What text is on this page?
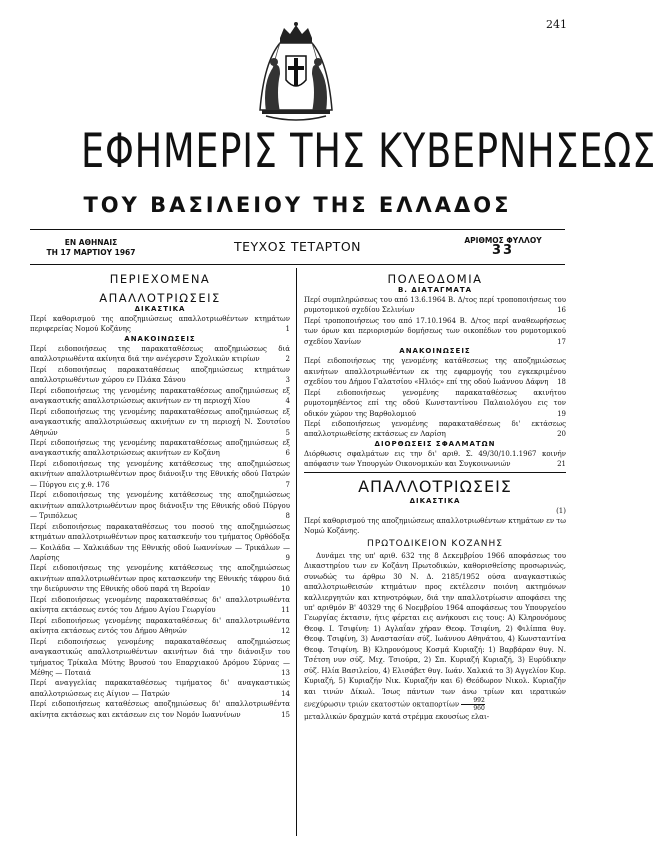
241
ΕΦΗΜΕΡΙΣ ΤΗΣ ΚΥΒΕΡΝΗΣΕΩΣ
ΤΟΥ ΒΑΣΙΛΕΙΟΥ ΤΗΣ ΕΛΛΑΔΟΣ
ΕΝ ΑΘΗΝΑΙΣ
ΤΗ 17 ΜΑΡΤΙΟΥ 1967	ΤΕΥΧΟΣ ΤΕΤΑΡΤΟΝ	ΑΡΙΘΜΟΣ ΦΥΛΛΟΥ
33
ΠΕΡΙΕΧΟΜΕΝΑ
ΑΠΑΛΛΟΤΡΙΩΣΕΙΣ
ΔΙΚΑΣΤΙΚΑ

Περί καθορισμού της αποζημιώσεως απαλλοτριωθέντων κτημάτων περιφερείας Νομού Κοζάνης	1

ΑΝΑΚΟΙΝΩΣΕΙΣ

Περί ειδοποιήσεως της παρακαταθέσεως αποζημιώσεως διά απαλλοτριωθέντα ακίνητα διά την ανέγερσιν Σχολικών κτιρίων	2

Περί ειδοποιήσεως παρακαταθέσεως αποζημιώσεως κτημάτων απαλλοτριωθέντων χώρου εν Πλάκα Σάνου	3

Περί ειδοποιήσεως της γενομένης παρακαταθέσεως αποζημιώσεως εξ αναγκαστικής απαλλοτριώσεως ακινήτων εν τη περιοχή Χίου	4

Περί ειδοποιήσεως της γενομένης παρακαταθέσεως αποζημιώσεως εξ αναγκαστικής απαλλοτριώσεως ακινήτων εν τη περιοχή Ν. Σουτσίου Αθηνών	5

Περί ειδοποιήσεως της γενομένης παρακαταθέσεως αποζημιώσεως εξ αναγκαστικής απαλλοτριώσεως ακινήτων εν Κοζάνη	6

Περί ειδοποιήσεως της γενομένης κατάθεσεως της αποζημιώσεως ακινήτων απαλλοτριωθέντων προς διάνοιξιν της Εθνικής οδού Πατρών — Πύργου εις χ.θ. 176	7

Περί ειδοποιήσεως της γενομένης κατάθεσεως της αποζημιώσεως ακινήτων απαλλοτριωθέντων προς διάνοιξιν της Εθνικής οδού Πύργου — Τριπόλεως	8

Περί ειδοποιήσεως παρακαταθέσεως του ποσού της αποζημιώσεως κτημάτων απαλλοτριωθέντων προς κατασκευήν του τμήματος Ορθόδοξα — Κοιλάδα — Χαλκιάδων της Εθνικής οδού Ιωαννίνων — Τρικάλων — Λαρίσης	9

Περί ειδοποιήσεως της γενομένης κατάθεσεως της αποζημιώσεως ακινήτων απαλλοτριωθέντων προς κατασκευήν της Εθνικής τάφρου διά την διεύρυνσιν της Εθνικής οδού παρά τη Βεροίαν	10

Περί ειδοποιήσεως γενομένης παρακαταθέσεως δι' απαλλοτριωθέντα ακίνητα εκτάσεως εντός του Δήμου Αγίου Γεωργίου	11

Περί ειδοποιήσεως γενομένης παρακαταθέσεως δι' απαλλοτριωθέντα ακίνητα εκτάσεως εντός του Δήμου Αθηνών	12

Περί ειδοποιήσεως γενομένης παρακαταθέσεως αποζημιώσεως αναγκαστικώς απαλλοτριωθέντων ακινήτων διά την διάνοιξιν του τμήματος Τρίκαλα Μύτης Βρυσού του Επαρχιακού Δρόμου Σύρνας — Μέθης — Ποταιά	13

Περί αναγγελίας παρακαταθέσεως τιμήματος δι' αναγκαστικώς απαλλοτριώσεως εις Αίγιον — Πατρών	14

Περί ειδοποιήσεως καταθέσεως αποζημιώσεως δι' απαλλοτριωθέντα ακίνητα εκτάσεως και εκτάσεων εις τον Νομόν Ιωαννίνων	15

ΠΟΛΕΟΔΟΜΙΑ
Β. ΔΙΑΤΑΓΜΑΤΑ

Περί συμπληρώσεως του από 13.6.1964 Β. Δ/τος περί τροποποιήσεως του ρυμοτομικού σχεδίου Σελινίων	16

Περί τροποποιήσεως του από 17.10.1964 Β. Δ/τος περί αναθεωρήσεως των όρων και περιορισμών δομήσεως των οικοπέδων του ρυμοτομικού σχεδίου Χανίων	17

ΑΝΑΚΟΙΝΩΣΕΙΣ

Περί ειδοποιήσεως της γενομένης κατάθεσεως της αποζημιώσεως ακινήτων απαλλοτριωθέντων εκ της εφαρμογής του εγκεκριμένου σχεδίου του Δήμου Γαλατσίου «Ηλιός» επί της οδού Ιωάννου Δάφνη	18

Περί ειδοποιήσεως γενομένης παρακαταθέσεως ακινήτου ρυμοτομηθέντος επί της οδού Κωνσταντίνου Παλαιολόγου εις τον οδικόν χώρον της Βαρθολομιού	19

Περί ειδοποιήσεως γενομένης παρακαταθέσεως δι' εκτάσεως απαλλοτριωθείσης εκτάσεως εν Λαρίση	20

ΔΙΟΡΘΩΣΕΙΣ ΣΦΑΛΜΑΤΩΝ

Διόρθωσις σφαλμάτων εις την δι' αριθ. Σ. 49/30/10.1.1967 κοινήν απόφασιν των Υπουργών Οικονομικών και Συγκοινωνιών	21

ΑΠΑΛΛΟΤΡΙΩΣΕΙΣ
ΔΙΚΑΣΤΙΚΑ
(1)

Περί καθορισμού της αποζημιώσεως απαλλοτριωθέντων κτημάτων εν τω Νομώ Κοζάνης.

ΠΡΩΤΟΔΙΚΕΙΟΝ ΚΟΖΑΝΗΣ

Δυνάμει της υπ' αριθ. 632 της 8 Δεκεμβρίου 1966 αποφάσεως του Δικαστηρίου των εν Κοζάνη Πρωτοδικών, καθορισθείσης προσωρινώς, συνωδώς τω άρθρω 30 Ν. Δ. 2185/1952 ούσα αναγκαστικώς απαλλοτριωθεισών κτημάτων προς εκτέλεσιν ποιόνη ακτημόνων καλλιεργητών και κτηνοτρόφων, διά την απαλλοτρίωσιν αποφάσει της υπ' αριθμόν Β' 40329 της 6 Νοεμβρίου 1964 αποφάσεως του Υπουργείου Γεωργίας έκτασιν, ήτις φέρεται εις ανήκουσι εις τους: Α) Κληρονόμους Θεοφ. Ι. Τσιφίνη: 1) Αγλαΐαν χήραν Θεοφ. Τσιφίνη, 2) Φιλίππα θυγ. Θεοφ. Τσιφίνη, 3) Αναστασίαν σύζ. Ιωάννου Αθηνάτου, 4) Κωνσταντίνα Θεοφ. Τσιφίνη. Β) Κληρονόμους Κοσμά Κυριαζή: 1) Βαρβάραν θυγ. Ν. Τσέτση νυν σύζ. Μιχ. Τσιούρα, 2) Σπ. Κυριαζή Κυριαζή, 3) Ευρύδικην σύζ. Ηλία Βασιλείου, 4) Ελισάβετ θυγ. Ιωάν. Χαλκιά το 3) Αγγελίον Κυρ. Κυριαζή, 5) Κυριαζήν Νικ. Κυριαζήν και 6) Θεόδωρον Νικολ. Κυριαζήν και τινών Δίκωλ. Ίσως πάντων των άνω τρίων και ιερατικών ενεχύρωσιν τριών εκατοστών οκταπορτίων $\frac{992}{960}$

μεταλλικών δραχμών κατά στρέμμα εκουσίως ελαι-
